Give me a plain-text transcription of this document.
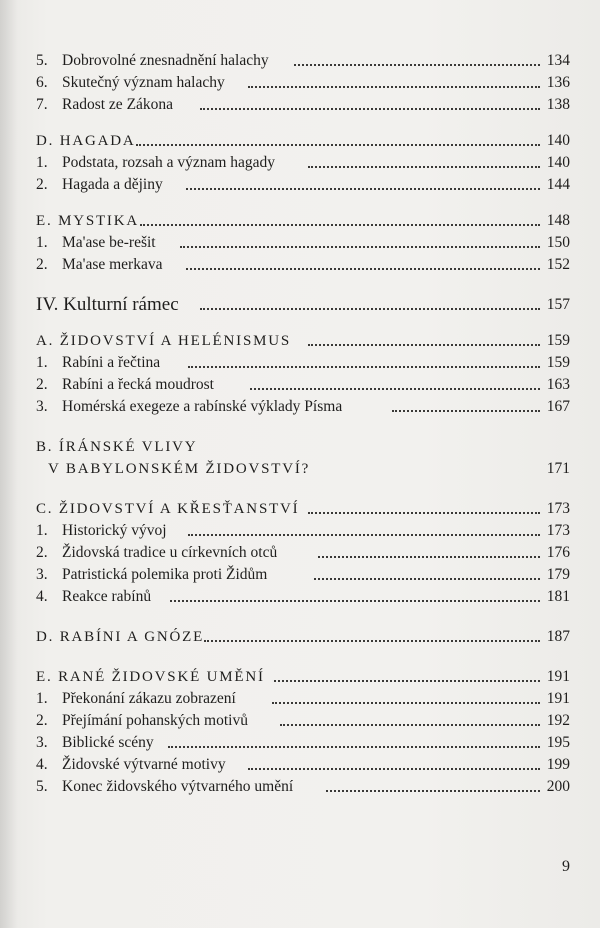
5. Dobrovolné znesnadnění halachy	134
6. Skutečný význam halachy	136
7. Radost ze Zákona	138
D. HAGADA	140
1. Podstata, rozsah a význam hagady	140
2. Hagada a dějiny	144
E. MYSTIKA	148
1. Ma'ase be-rešit	150
2. Ma'ase merkava	152
IV. Kulturní rámec	157
A. ŽIDOVSTVÍ A HELÉNISMUS	159
1. Rabíni a řečtina	159
2. Rabíni a řecká moudrost	163
3. Homérská exegeze a rabínské výklady Písma	167
B. ÍRÁNSKÉ VLIVY
V BABYLONSKÉM ŽIDOVSTVÍ?	171
C. ŽIDOVSTVÍ A KŘESŤANSTVÍ	173
1. Historický vývoj	173
2. Židovská tradice u církevních otců	176
3. Patristická polemika proti Židům	179
4. Reakce rabínů	181
D. RABÍNI A GNÓZE	187
E. RANÉ ŽIDOVSKÉ UMĚNÍ	191
1. Překonání zákazu zobrazení	191
2. Přejímání pohanských motivů	192
3. Biblické scény	195
4. Židovské výtvarné motivy	199
5. Konec židovského výtvarného umění	200
9
